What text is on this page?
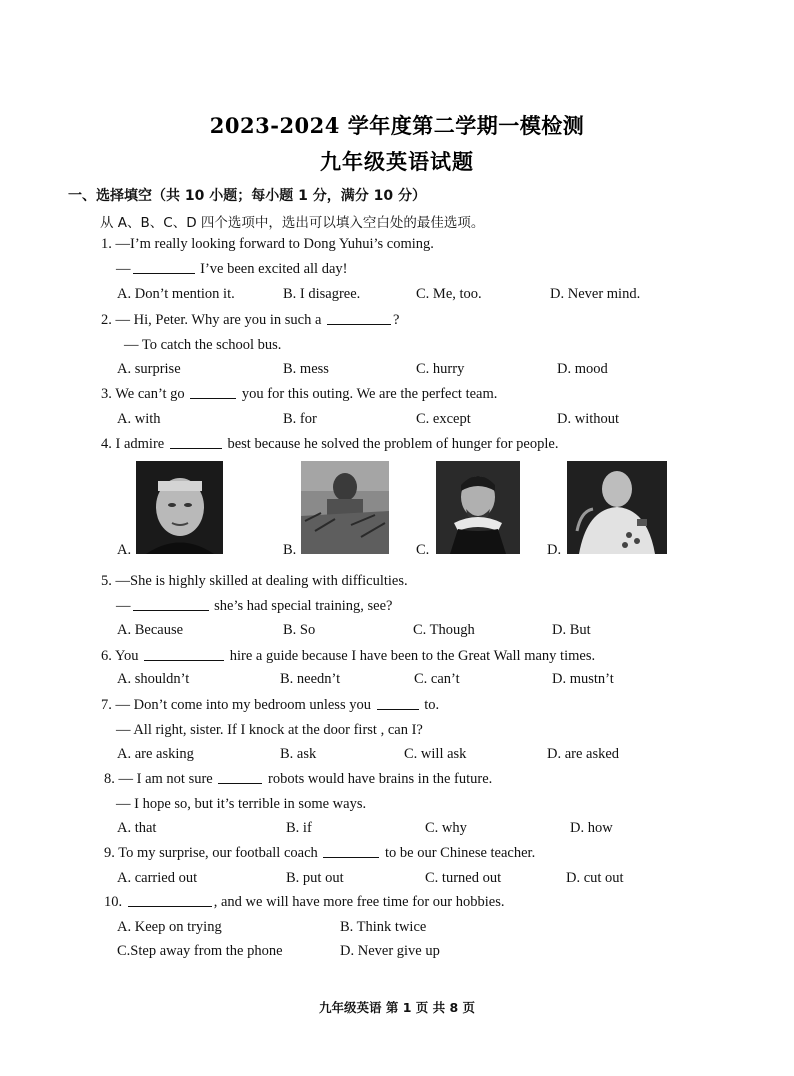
2023-2024 学年度第二学期一模检测
九年级英语试题
一、选择填空（共 10 小题；每小题 1 分，满分 10 分）
从 A、B、C、D 四个选项中，选出可以填入空白处的最佳选项。
1. —I’m really looking forward to Dong Yuhui’s coming.
—	I’ve been excited all day!
A. Don’t mention it.	B. I disagree.	C. Me, too.	D. Never mind.
2. — Hi, Peter. Why are you in such a	?
— To catch the school bus.
A. surprise	B. mess	C. hurry	D. mood
3. We can’t go	you for this outing. We are the perfect team.
A. with	B. for	C. except	D. without
4. I admire	best because he solved the problem of hunger for people.
A.	B.	C.	D.
5. —She is highly skilled at dealing with difficulties.
—	she’s had special training, see?
A. Because	B. So	C. Though	D. But
6. You	hire a guide because I have been to the Great Wall many times.
A. shouldn’t	B. needn’t	C. can’t	D. mustn’t
7. — Don’t come into my bedroom unless you	to.
— All right, sister. If I knock at the door first , can I?
A. are asking	B. ask	C. will ask	D. are asked
8. — I am not sure	robots would have brains in the future.
— I hope so, but it’s terrible in some ways.
A. that	B. if	C. why	D. how
9. To my surprise, our football coach	to be our Chinese teacher.
A. carried out	B. put out	C. turned out	D. cut out
10.	, and we will have more free time for our hobbies.
A. Keep on trying	B. Think twice
C.Step away from the phone	D. Never give up
九年级英语 第 1 页 共 8 页
